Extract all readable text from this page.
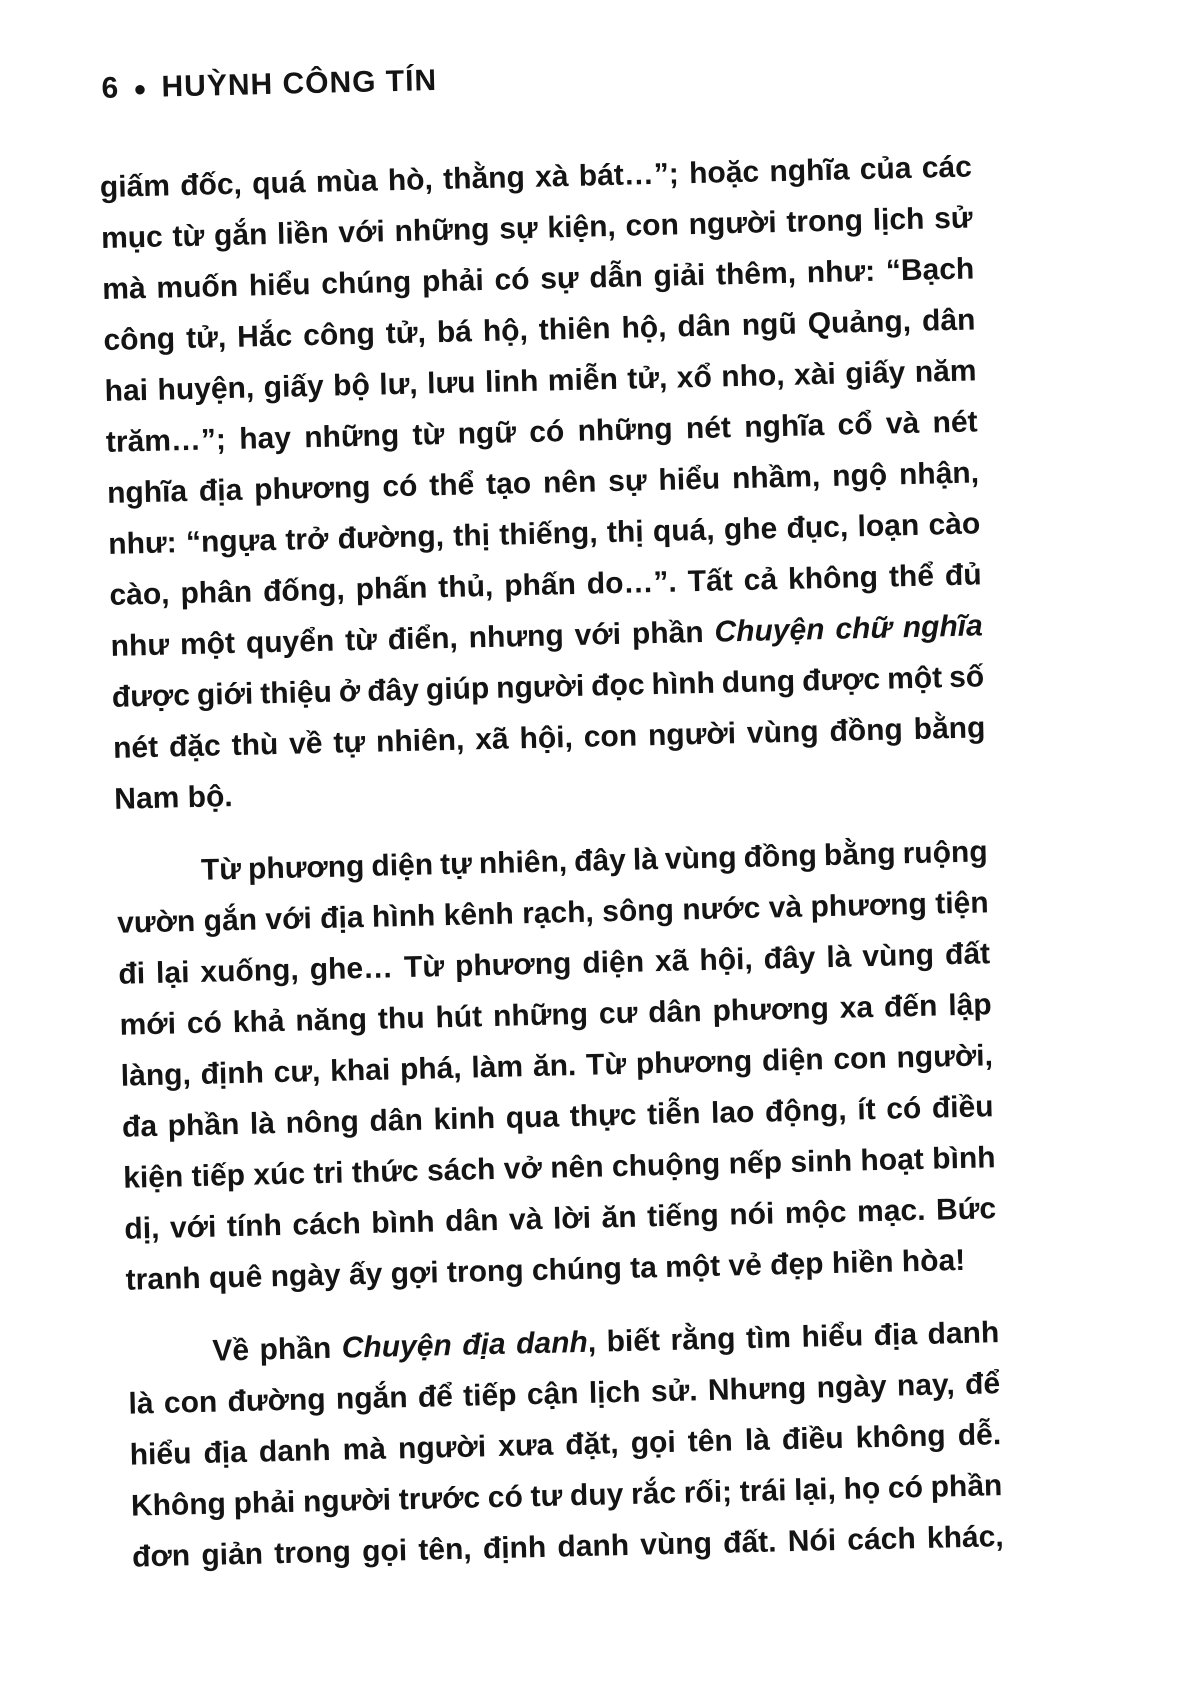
6 ● HUỲNH CÔNG TÍN
giấm đốc, quá mùa hò, thằng xà bát…”; hoặc nghĩa của các
mục từ gắn liền với những sự kiện, con người trong lịch sử
mà muốn hiểu chúng phải có sự dẫn giải thêm, như: “Bạch
công tử, Hắc công tử, bá hộ, thiên hộ, dân ngũ Quảng, dân
hai huyện, giấy bộ lư, lưu linh miễn tử, xổ nho, xài giấy năm
trăm…”; hay những từ ngữ có những nét nghĩa cổ và nét
nghĩa địa phương có thể tạo nên sự hiểu nhầm, ngộ nhận,
như: “ngựa trở đường, thị thiếng, thị quá, ghe đục, loạn cào
cào, phân đống, phấn thủ, phấn do…”. Tất cả không thể đủ
như một quyển từ điển, nhưng với phần Chuyện chữ nghĩa
được giới thiệu ở đây giúp người đọc hình dung được một số
nét đặc thù về tự nhiên, xã hội, con người vùng đồng bằng
Nam bộ.
Từ phương diện tự nhiên, đây là vùng đồng bằng ruộng
vườn gắn với địa hình kênh rạch, sông nước và phương tiện
đi lại xuống, ghe… Từ phương diện xã hội, đây là vùng đất
mới có khả năng thu hút những cư dân phương xa đến lập
làng, định cư, khai phá, làm ăn. Từ phương diện con người,
đa phần là nông dân kinh qua thực tiễn lao động, ít có điều
kiện tiếp xúc tri thức sách vở nên chuộng nếp sinh hoạt bình
dị, với tính cách bình dân và lời ăn tiếng nói mộc mạc. Bức
tranh quê ngày ấy gợi trong chúng ta một vẻ đẹp hiền hòa!
Về phần Chuyện địa danh, biết rằng tìm hiểu địa danh
là con đường ngắn để tiếp cận lịch sử. Nhưng ngày nay, để
hiểu địa danh mà người xưa đặt, gọi tên là điều không dễ.
Không phải người trước có tư duy rắc rối; trái lại, họ có phần
đơn giản trong gọi tên, định danh vùng đất. Nói cách khác,
